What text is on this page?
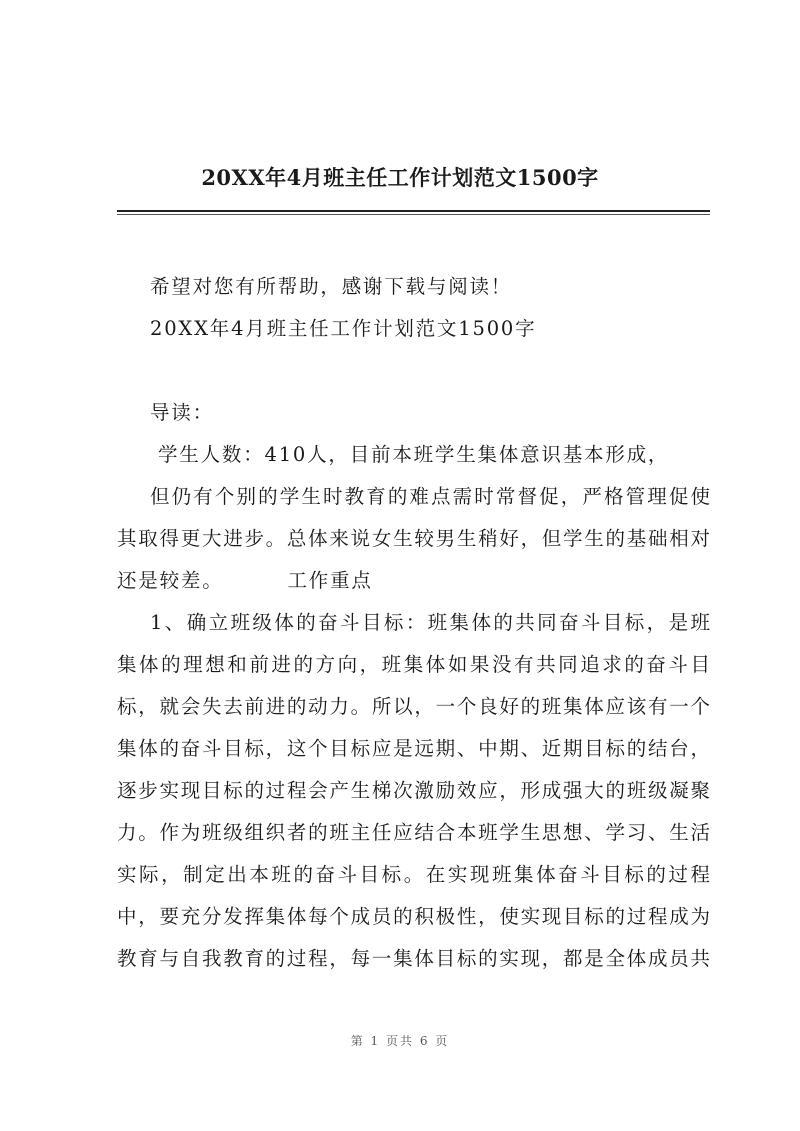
20XX年4月班主任工作计划范文1500字
希望对您有所帮助，感谢下载与阅读！
20XX年4月班主任工作计划范文1500字
导读：
学生人数：410人，目前本班学生集体意识基本形成，
但仍有个别的学生时教育的难点需时常督促，严格管理促使
其取得更大进步。总体来说女生较男生稍好，但学生的基础相对
还是较差。        工作重点
1、确立班级体的奋斗目标：班集体的共同奋斗目标，是班
集体的理想和前进的方向，班集体如果没有共同追求的奋斗目
标，就会失去前进的动力。所以，一个良好的班集体应该有一个
集体的奋斗目标，这个目标应是远期、中期、近期目标的结台，
逐步实现目标的过程会产生梯次激励效应，形成强大的班级凝聚
力。作为班级组织者的班主任应结合本班学生思想、学习、生活
实际，制定出本班的奋斗目标。在实现班集体奋斗目标的过程
中，要充分发挥集体每个成员的积极性，使实现目标的过程成为
教育与自我教育的过程，每一集体目标的实现，都是全体成员共
第 1 页共 6 页
